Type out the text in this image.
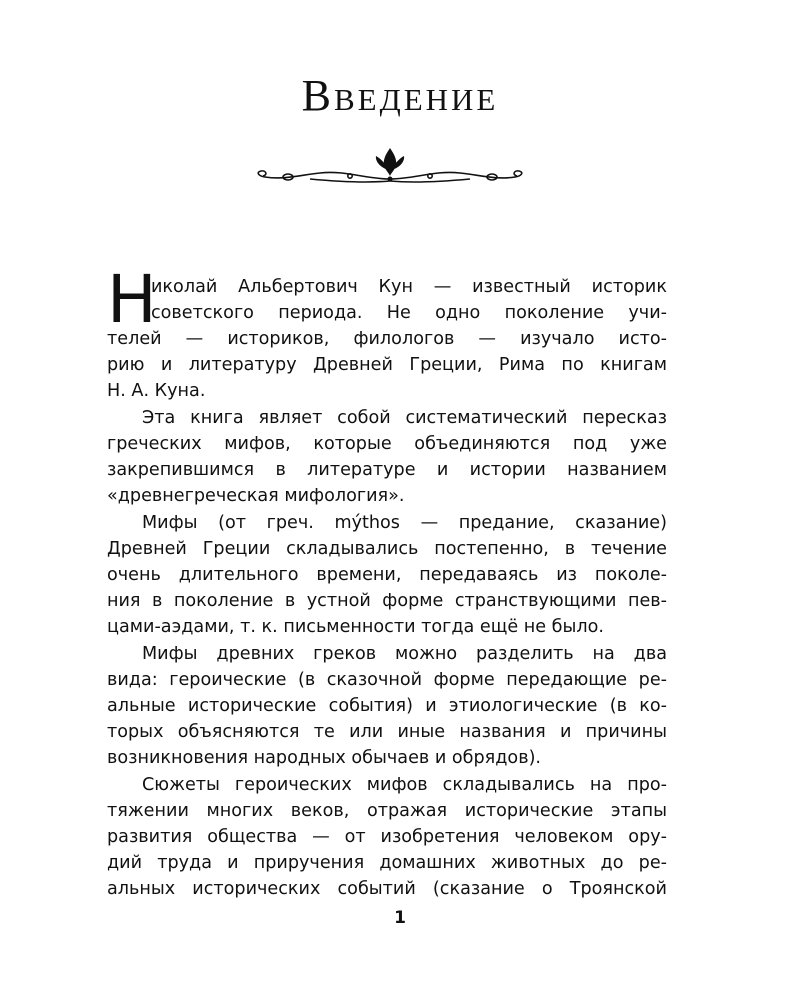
Введение
Н
иколай Альбертович Кун — известный историк
советского периода. Не одно поколение учи-
телей — историков, филологов — изучало исто-
рию и литературу Древней Греции, Рима по книгам
Н. А. Куна.
Эта книга являет собой систематический пересказ
греческих мифов, которые объединяются под уже
закрепившимся в литературе и истории названием
«древнегреческая мифология».
Мифы (от греч. mýthos — предание, сказание)
Древней Греции складывались постепенно, в течение
очень длительного времени, передаваясь из поколе-
ния в поколение в устной форме странствующими пев-
цами-аэдами, т. к. письменности тогда ещё не было.
Мифы древних греков можно разделить на два
вида: героические (в сказочной форме передающие ре-
альные исторические события) и этиологические (в ко-
торых объясняются те или иные названия и причины
возникновения народных обычаев и обрядов).
Сюжеты героических мифов складывались на про-
тяжении многих веков, отражая исторические этапы
развития общества — от изобретения человеком ору-
дий труда и приручения домашних животных до ре-
альных исторических событий (сказание о Троянской
1
